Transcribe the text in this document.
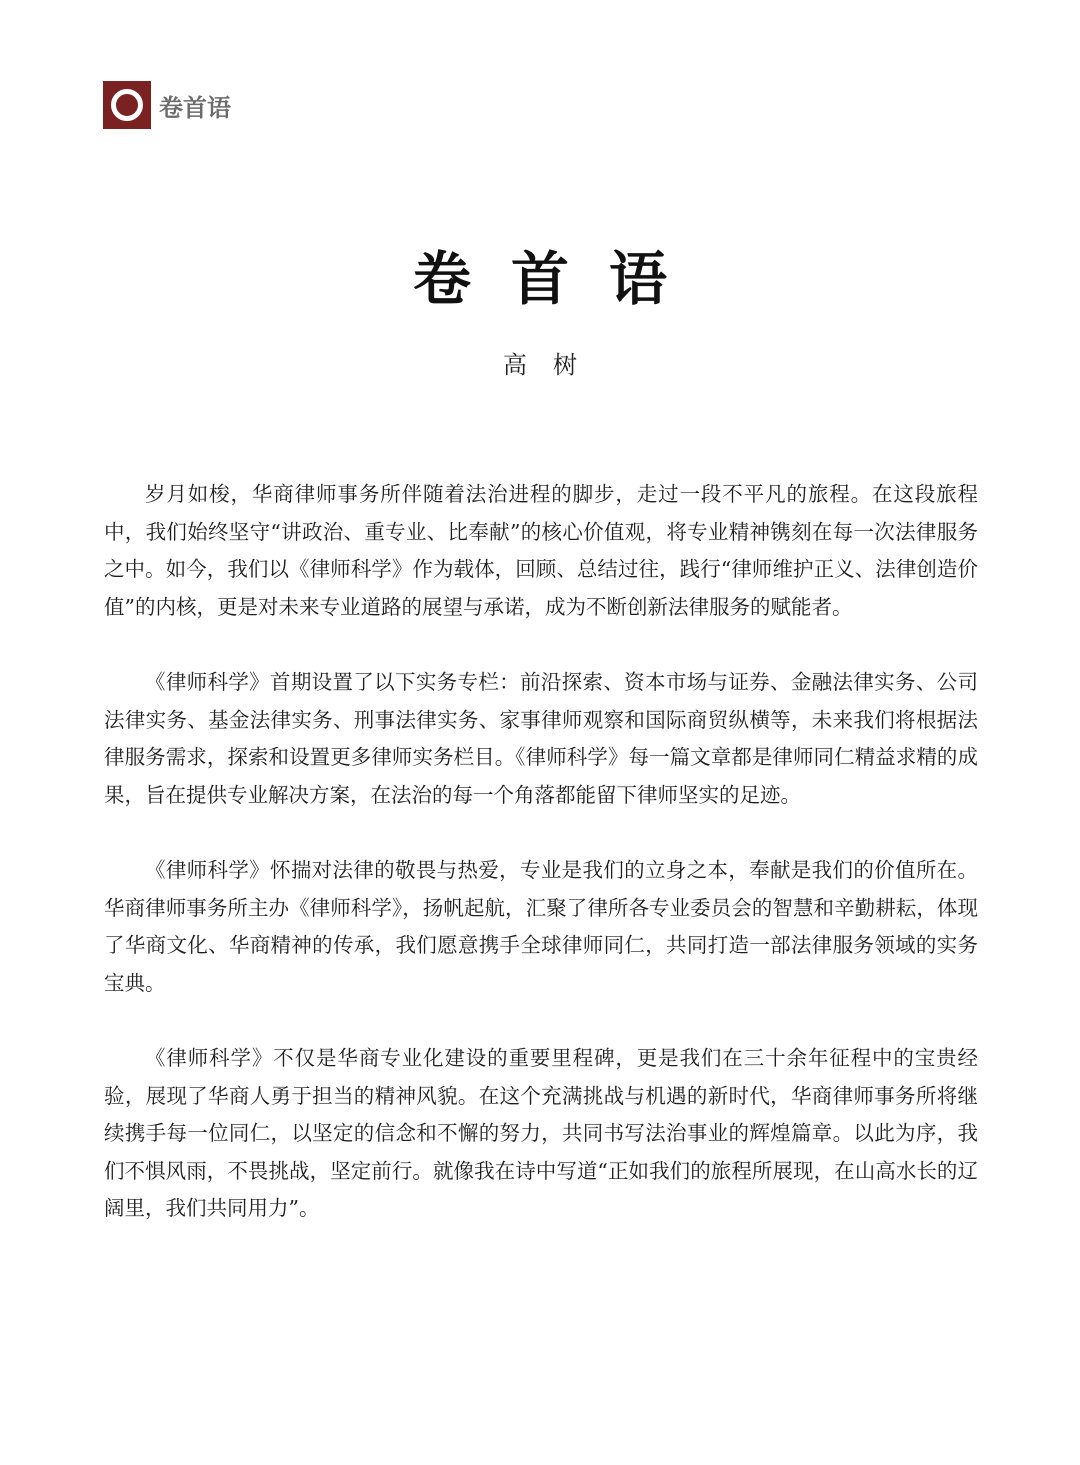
卷首语
卷首语
高树

岁月如梭，华商律师事务所伴随着法治进程的脚步，走过一段不平凡的旅程。在这段旅程中，我们始终坚守“讲政治、重专业、比奉献”的核心价值观，将专业精神镌刻在每一次法律服务之中。如今，我们以《律师科学》作为载体，回顾、总结过往，践行“律师维护正义、法律创造价值”的内核，更是对未来专业道路的展望与承诺，成为不断创新法律服务的赋能者。

《律师科学》首期设置了以下实务专栏：前沿探索、资本市场与证券、金融法律实务、公司法律实务、基金法律实务、刑事法律实务、家事律师观察和国际商贸纵横等，未来我们将根据法律服务需求，探索和设置更多律师实务栏目。《律师科学》每一篇文章都是律师同仁精益求精的成果，旨在提供专业解决方案，在法治的每一个角落都能留下律师坚实的足迹。

《律师科学》怀揣对法律的敬畏与热爱，专业是我们的立身之本，奉献是我们的价值所在。华商律师事务所主办《律师科学》，扬帆起航，汇聚了律所各专业委员会的智慧和辛勤耕耘，体现了华商文化、华商精神的传承，我们愿意携手全球律师同仁，共同打造一部法律服务领域的实务宝典。

《律师科学》不仅是华商专业化建设的重要里程碑，更是我们在三十余年征程中的宝贵经验，展现了华商人勇于担当的精神风貌。在这个充满挑战与机遇的新时代，华商律师事务所将继续携手每一位同仁，以坚定的信念和不懈的努力，共同书写法治事业的辉煌篇章。以此为序，我们不惧风雨，不畏挑战，坚定前行。就像我在诗中写道“正如我们的旅程所展现，在山高水长的辽阔里，我们共同用力”。
